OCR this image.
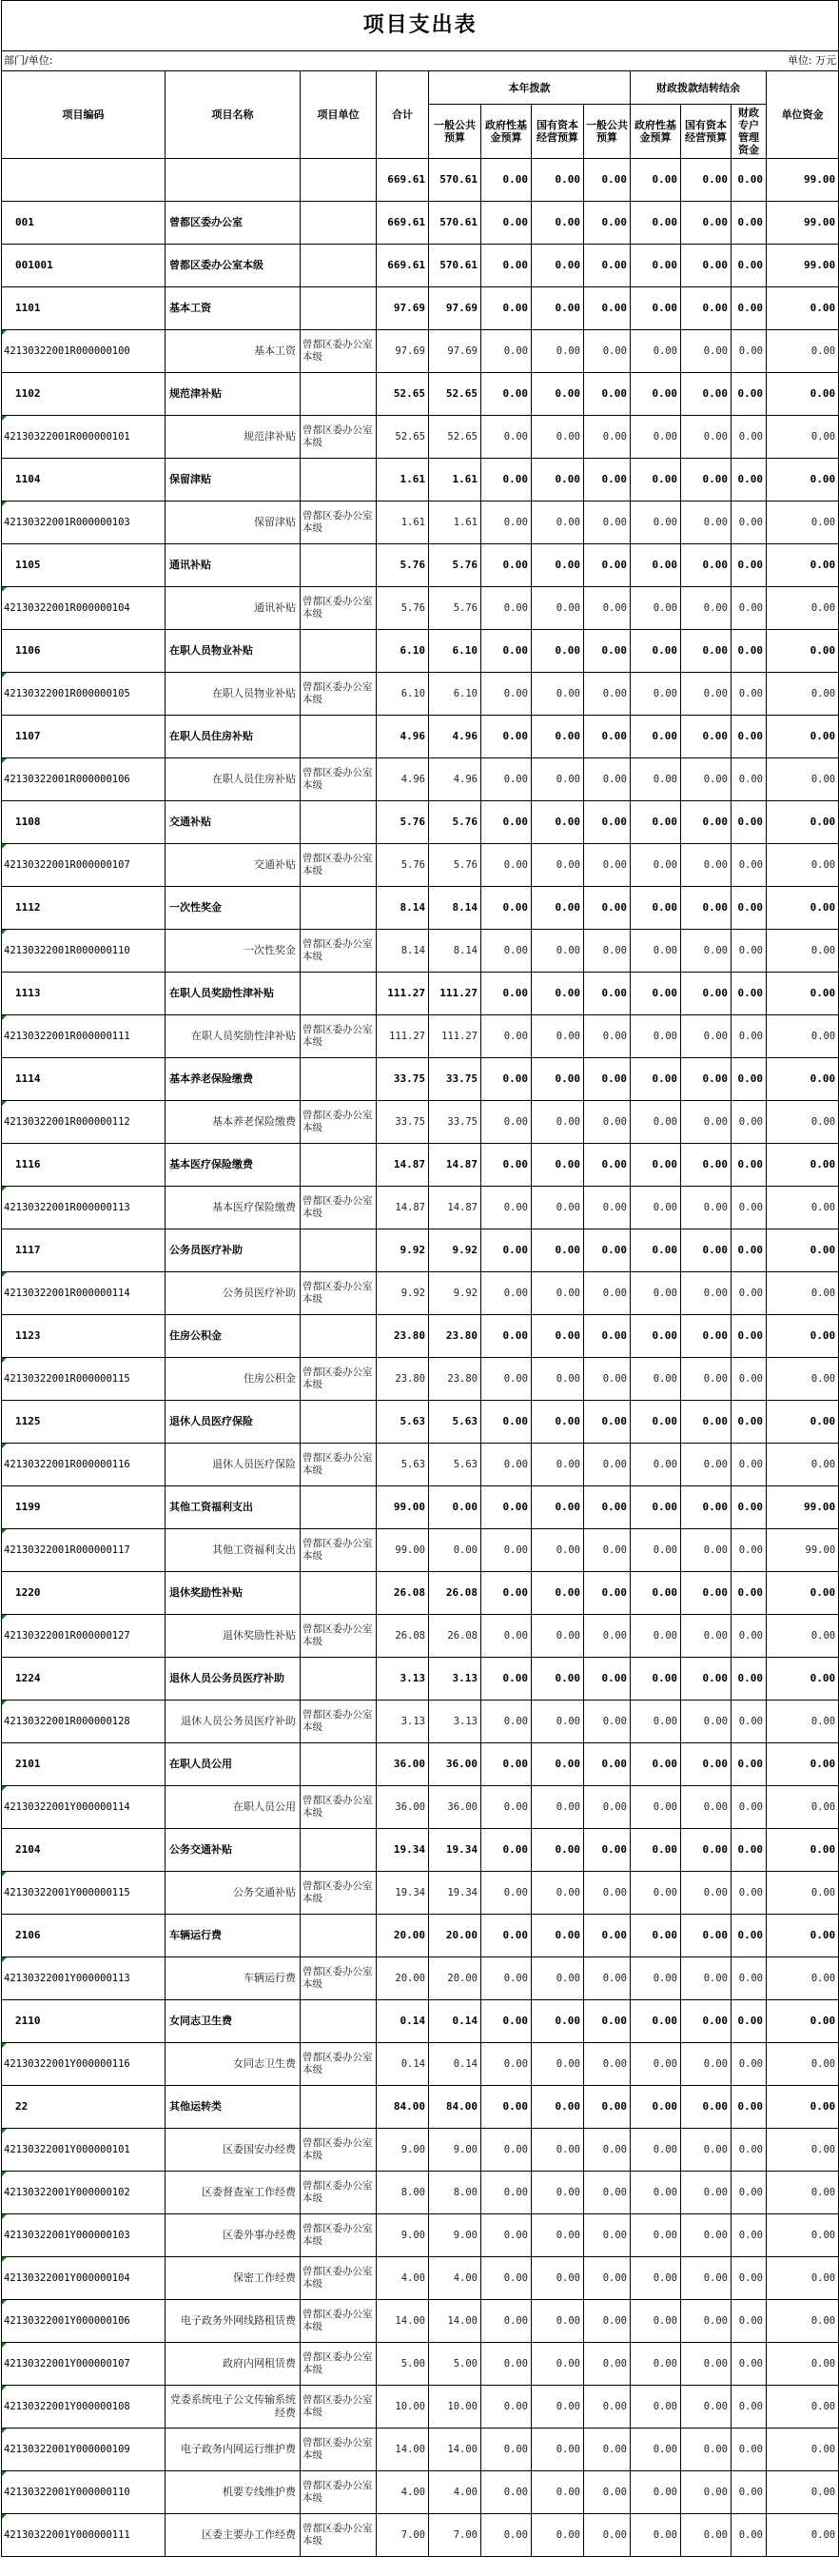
项目支出表											
部门/单位:						单位: 万元					
项目编码	项目名称	项目单位	合计	本年拨款				财政拨款结转结余			单位资金
				一般公共预算	政府性基金预算	国有资本经营预算	一般公共预算	政府性基金预算	国有资本经营预算	财政专户管理资金	
			669.61	570.61	0.00	0.00	0.00	0.00	0.00	0.00	99.00
001	曾都区委办公室		669.61	570.61	0.00	0.00	0.00	0.00	0.00	0.00	99.00
001001	曾都区委办公室本级		669.61	570.61	0.00	0.00	0.00	0.00	0.00	0.00	99.00
1101	基本工资		97.69	97.69	0.00	0.00	0.00	0.00	0.00	0.00	0.00
42130322001R000000100	基本工资	曾都区委办公室本级	97.69	97.69	0.00	0.00	0.00	0.00	0.00	0.00	0.00
1102	规范津补贴		52.65	52.65	0.00	0.00	0.00	0.00	0.00	0.00	0.00
42130322001R000000101	规范津补贴	曾都区委办公室本级	52.65	52.65	0.00	0.00	0.00	0.00	0.00	0.00	0.00
1104	保留津贴		1.61	1.61	0.00	0.00	0.00	0.00	0.00	0.00	0.00
42130322001R000000103	保留津贴	曾都区委办公室本级	1.61	1.61	0.00	0.00	0.00	0.00	0.00	0.00	0.00
1105	通讯补贴		5.76	5.76	0.00	0.00	0.00	0.00	0.00	0.00	0.00
42130322001R000000104	通讯补贴	曾都区委办公室本级	5.76	5.76	0.00	0.00	0.00	0.00	0.00	0.00	0.00
1106	在职人员物业补贴		6.10	6.10	0.00	0.00	0.00	0.00	0.00	0.00	0.00
42130322001R000000105	在职人员物业补贴	曾都区委办公室本级	6.10	6.10	0.00	0.00	0.00	0.00	0.00	0.00	0.00
1107	在职人员住房补贴		4.96	4.96	0.00	0.00	0.00	0.00	0.00	0.00	0.00
42130322001R000000106	在职人员住房补贴	曾都区委办公室本级	4.96	4.96	0.00	0.00	0.00	0.00	0.00	0.00	0.00
1108	交通补贴		5.76	5.76	0.00	0.00	0.00	0.00	0.00	0.00	0.00
42130322001R000000107	交通补贴	曾都区委办公室本级	5.76	5.76	0.00	0.00	0.00	0.00	0.00	0.00	0.00
1112	一次性奖金		8.14	8.14	0.00	0.00	0.00	0.00	0.00	0.00	0.00
42130322001R000000110	一次性奖金	曾都区委办公室本级	8.14	8.14	0.00	0.00	0.00	0.00	0.00	0.00	0.00
1113	在职人员奖励性津补贴		111.27	111.27	0.00	0.00	0.00	0.00	0.00	0.00	0.00
42130322001R000000111	在职人员奖励性津补贴	曾都区委办公室本级	111.27	111.27	0.00	0.00	0.00	0.00	0.00	0.00	0.00
1114	基本养老保险缴费		33.75	33.75	0.00	0.00	0.00	0.00	0.00	0.00	0.00
42130322001R000000112	基本养老保险缴费	曾都区委办公室本级	33.75	33.75	0.00	0.00	0.00	0.00	0.00	0.00	0.00
1116	基本医疗保险缴费		14.87	14.87	0.00	0.00	0.00	0.00	0.00	0.00	0.00
42130322001R000000113	基本医疗保险缴费	曾都区委办公室本级	14.87	14.87	0.00	0.00	0.00	0.00	0.00	0.00	0.00
1117	公务员医疗补助		9.92	9.92	0.00	0.00	0.00	0.00	0.00	0.00	0.00
42130322001R000000114	公务员医疗补助	曾都区委办公室本级	9.92	9.92	0.00	0.00	0.00	0.00	0.00	0.00	0.00
1123	住房公积金		23.80	23.80	0.00	0.00	0.00	0.00	0.00	0.00	0.00
42130322001R000000115	住房公积金	曾都区委办公室本级	23.80	23.80	0.00	0.00	0.00	0.00	0.00	0.00	0.00
1125	退休人员医疗保险		5.63	5.63	0.00	0.00	0.00	0.00	0.00	0.00	0.00
42130322001R000000116	退休人员医疗保险	曾都区委办公室本级	5.63	5.63	0.00	0.00	0.00	0.00	0.00	0.00	0.00
1199	其他工资福利支出		99.00	0.00	0.00	0.00	0.00	0.00	0.00	0.00	99.00
42130322001R000000117	其他工资福利支出	曾都区委办公室本级	99.00	0.00	0.00	0.00	0.00	0.00	0.00	0.00	99.00
1220	退休奖励性补贴		26.08	26.08	0.00	0.00	0.00	0.00	0.00	0.00	0.00
42130322001R000000127	退休奖励性补贴	曾都区委办公室本级	26.08	26.08	0.00	0.00	0.00	0.00	0.00	0.00	0.00
1224	退休人员公务员医疗补助		3.13	3.13	0.00	0.00	0.00	0.00	0.00	0.00	0.00
42130322001R000000128	退休人员公务员医疗补助	曾都区委办公室本级	3.13	3.13	0.00	0.00	0.00	0.00	0.00	0.00	0.00
2101	在职人员公用		36.00	36.00	0.00	0.00	0.00	0.00	0.00	0.00	0.00
42130322001Y000000114	在职人员公用	曾都区委办公室本级	36.00	36.00	0.00	0.00	0.00	0.00	0.00	0.00	0.00
2104	公务交通补贴		19.34	19.34	0.00	0.00	0.00	0.00	0.00	0.00	0.00
42130322001Y000000115	公务交通补贴	曾都区委办公室本级	19.34	19.34	0.00	0.00	0.00	0.00	0.00	0.00	0.00
2106	车辆运行费		20.00	20.00	0.00	0.00	0.00	0.00	0.00	0.00	0.00
42130322001Y000000113	车辆运行费	曾都区委办公室本级	20.00	20.00	0.00	0.00	0.00	0.00	0.00	0.00	0.00
2110	女同志卫生费		0.14	0.14	0.00	0.00	0.00	0.00	0.00	0.00	0.00
42130322001Y000000116	女同志卫生费	曾都区委办公室本级	0.14	0.14	0.00	0.00	0.00	0.00	0.00	0.00	0.00
22	其他运转类		84.00	84.00	0.00	0.00	0.00	0.00	0.00	0.00	0.00
42130322001Y000000101	区委国安办经费	曾都区委办公室本级	9.00	9.00	0.00	0.00	0.00	0.00	0.00	0.00	0.00
42130322001Y000000102	区委督查室工作经费	曾都区委办公室本级	8.00	8.00	0.00	0.00	0.00	0.00	0.00	0.00	0.00
42130322001Y000000103	区委外事办经费	曾都区委办公室本级	9.00	9.00	0.00	0.00	0.00	0.00	0.00	0.00	0.00
42130322001Y000000104	保密工作经费	曾都区委办公室本级	4.00	4.00	0.00	0.00	0.00	0.00	0.00	0.00	0.00
42130322001Y000000106	电子政务外网线路租赁费	曾都区委办公室本级	14.00	14.00	0.00	0.00	0.00	0.00	0.00	0.00	0.00
42130322001Y000000107	政府内网租赁费	曾都区委办公室本级	5.00	5.00	0.00	0.00	0.00	0.00	0.00	0.00	0.00
42130322001Y000000108	党委系统电子公文传输系统经费	曾都区委办公室本级	10.00	10.00	0.00	0.00	0.00	0.00	0.00	0.00	0.00
42130322001Y000000109	电子政务内网运行维护费	曾都区委办公室本级	14.00	14.00	0.00	0.00	0.00	0.00	0.00	0.00	0.00
42130322001Y000000110	机要专线维护费	曾都区委办公室本级	4.00	4.00	0.00	0.00	0.00	0.00	0.00	0.00	0.00
42130322001Y000000111	区委主要办工作经费	曾都区委办公室本级	7.00	7.00	0.00	0.00	0.00	0.00	0.00	0.00	0.00
